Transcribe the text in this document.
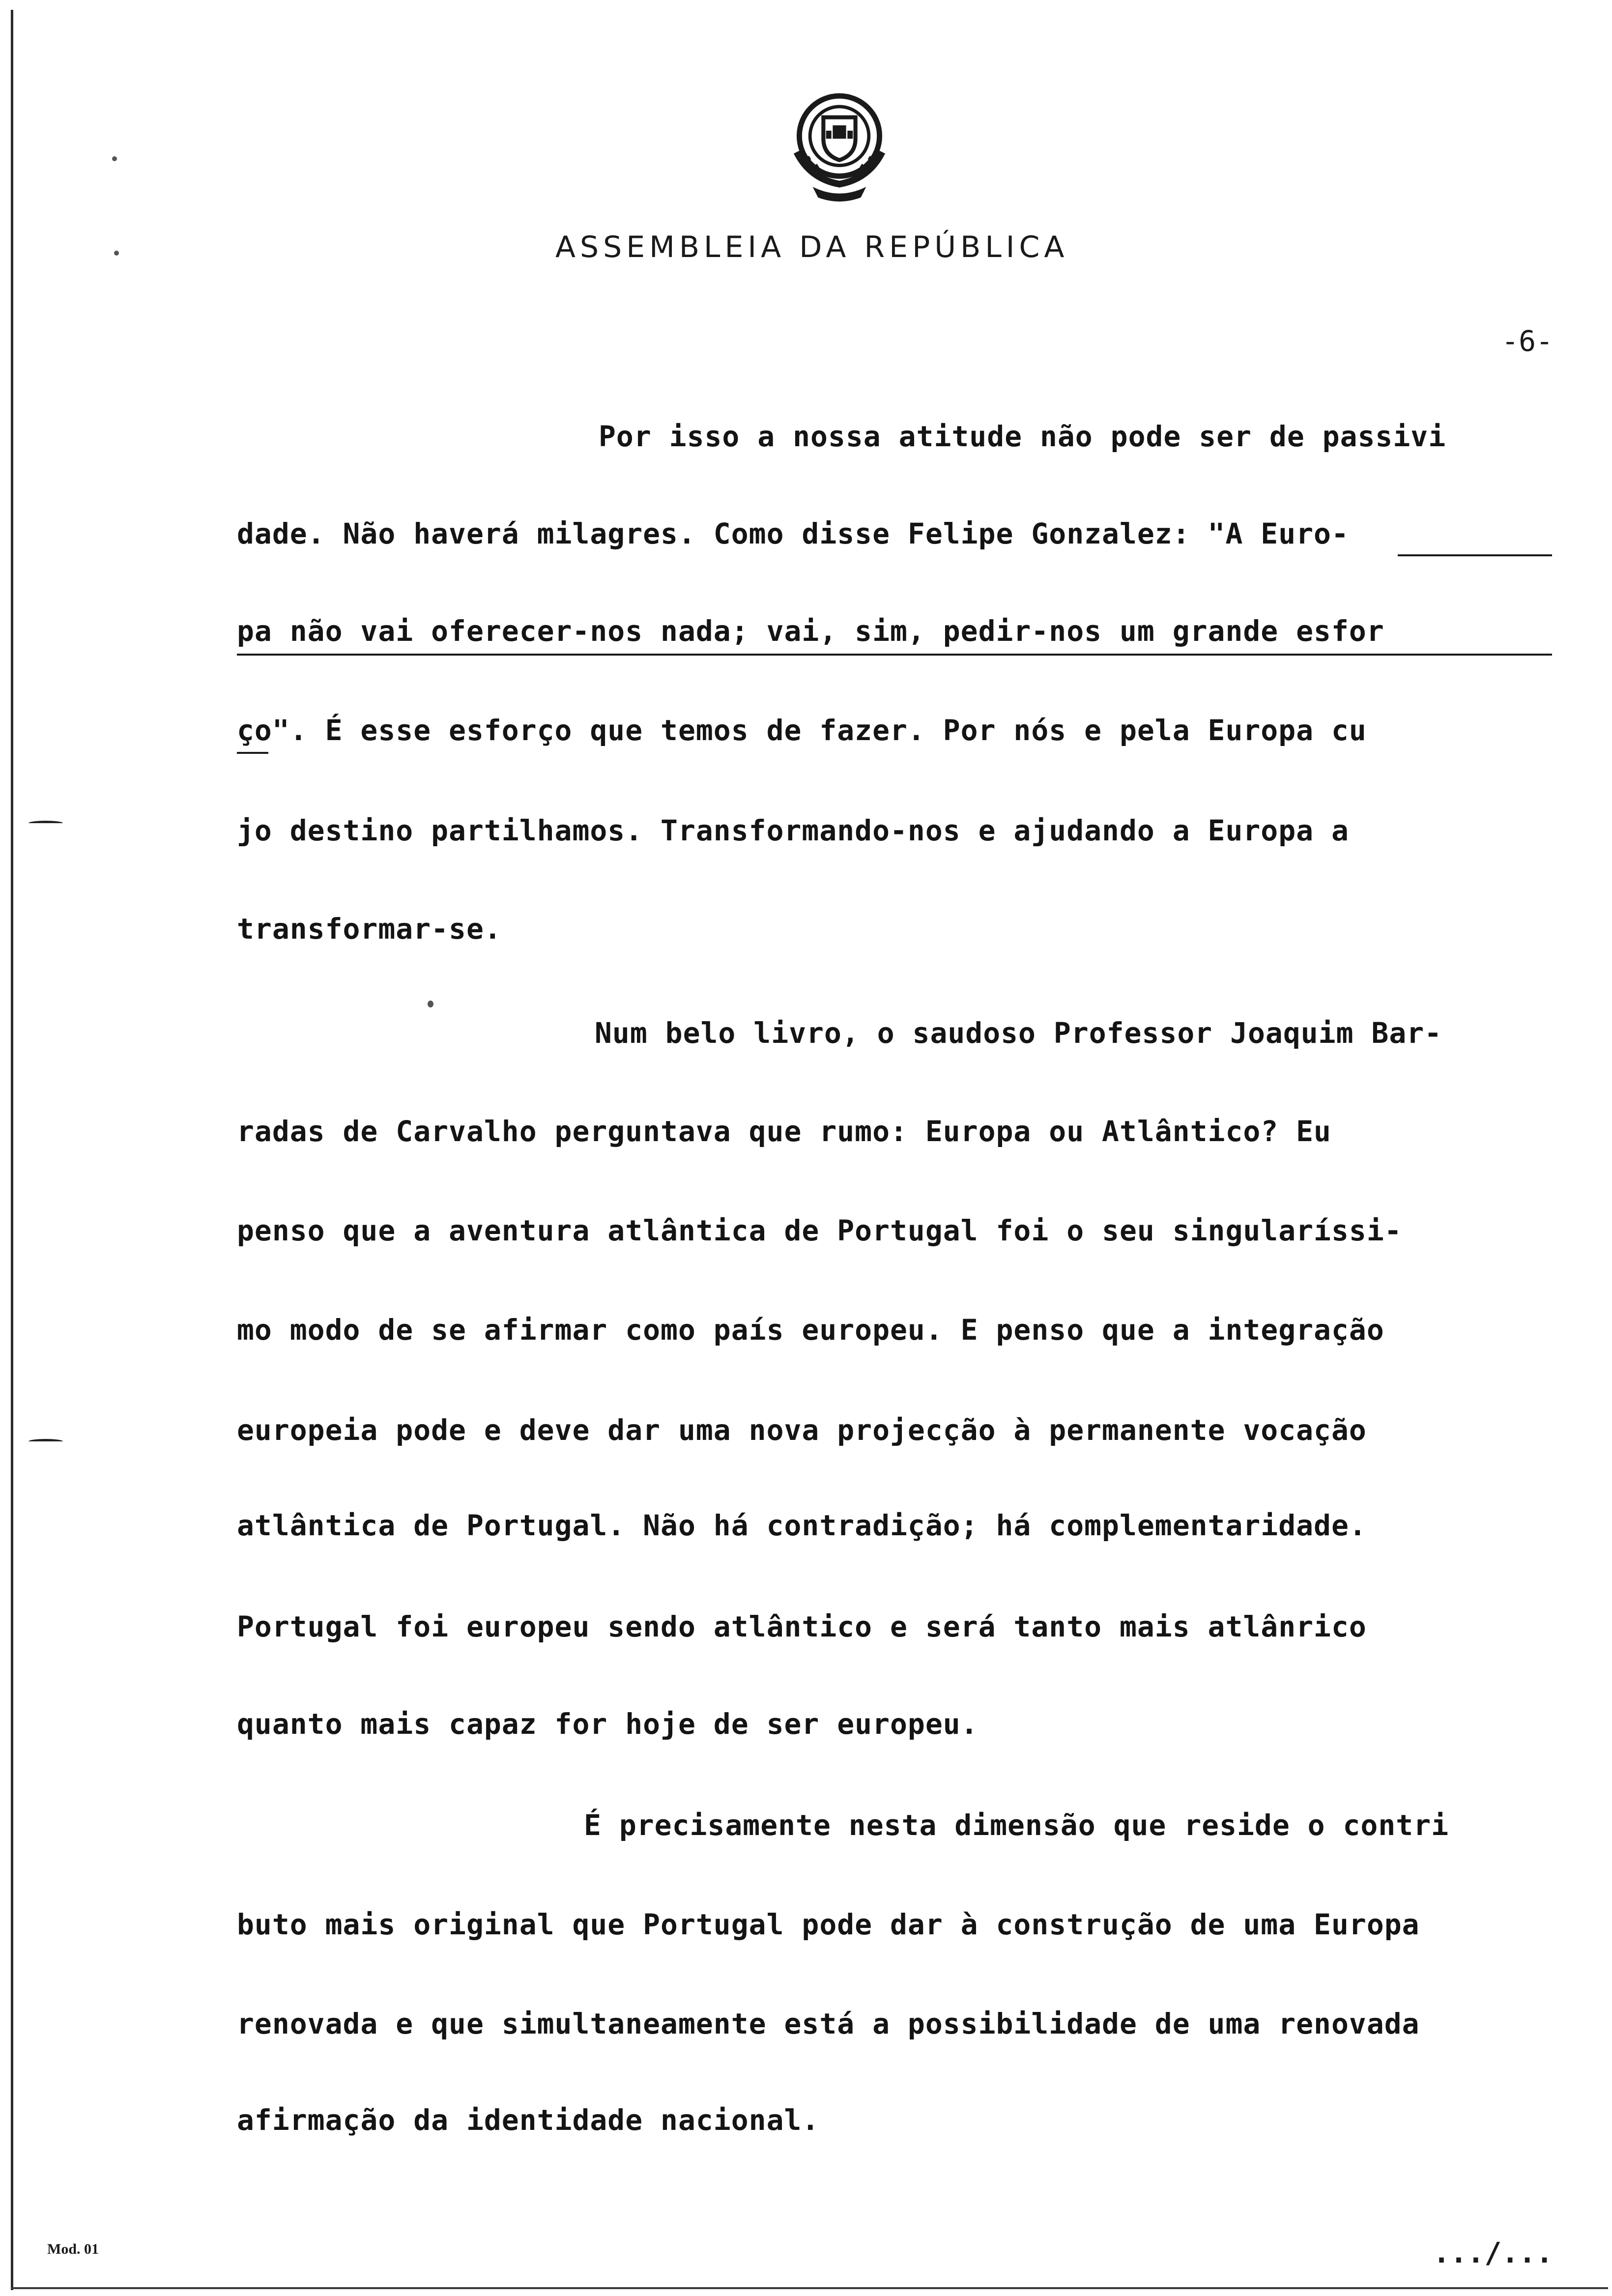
ASSEMBLEIA DA REPÚBLICA
-6-
Por isso a nossa atitude não pode ser de passivi
dade. Não haverá milagres. Como disse Felipe Gonzalez: "A Euro-
pa não vai oferecer-nos nada; vai, sim, pedir-nos um grande esfor
ço". É esse esforço que temos de fazer. Por nós e pela Europa cu
jo destino partilhamos. Transformando-nos e ajudando a Europa a
transformar-se.
Num belo livro, o saudoso Professor Joaquim Bar-
radas de Carvalho perguntava que rumo: Europa ou Atlântico? Eu
penso que a aventura atlântica de Portugal foi o seu singularíssi-
mo modo de se afirmar como país europeu. E penso que a integração
europeia pode e deve dar uma nova projecção à permanente vocação
atlântica de Portugal. Não há contradição; há complementaridade.
Portugal foi europeu sendo atlântico e será tanto mais atlânrico
quanto mais capaz for hoje de ser europeu.
É precisamente nesta dimensão que reside o contri
buto mais original que Portugal pode dar à construção de uma Europa
renovada e que simultaneamente está a possibilidade de uma renovada
afirmação da identidade nacional.
.../...
Mod. 01
